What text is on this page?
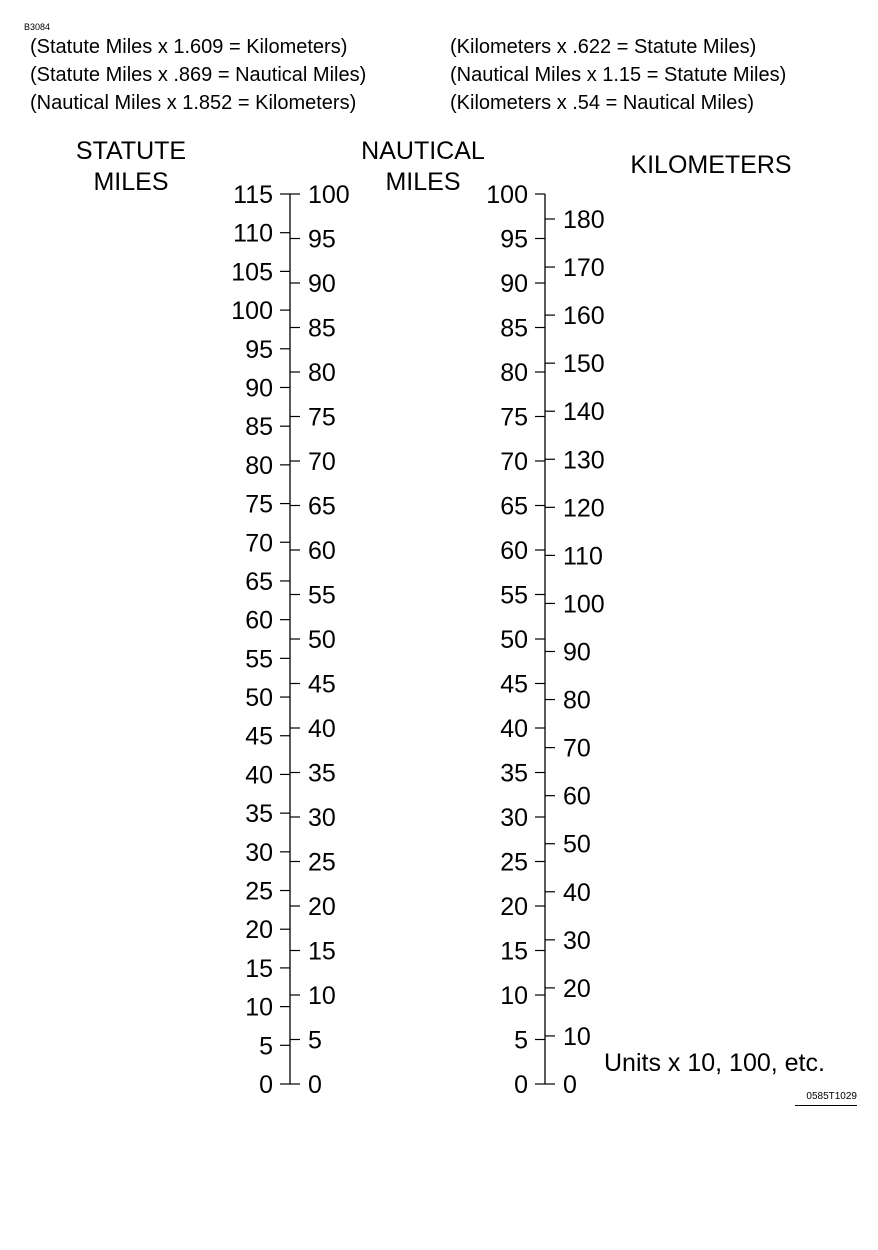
B3084
(Statute Miles x 1.609 = Kilometers)
(Statute Miles x .869 = Nautical Miles)
(Nautical Miles x 1.852 = Kilometers)
(Kilometers x .622 = Statute Miles)
(Nautical Miles x 1.15 = Statute Miles)
(Kilometers x .54 = Nautical Miles)
STATUTE
MILES
NAUTICAL
MILES
KILOMETERS
0
5
10
15
20
25
30
35
40
45
50
55
60
65
70
75
80
85
90
95
100
105
110
115
0
5
10
15
20
25
30
35
40
45
50
55
60
65
70
75
80
85
90
95
100
0
5
10
15
20
25
30
35
40
45
50
55
60
65
70
75
80
85
90
95
100
0
10
20
30
40
50
60
70
80
90
100
110
120
130
140
150
160
170
180
Units x 10, 100, etc.
0585T1029
